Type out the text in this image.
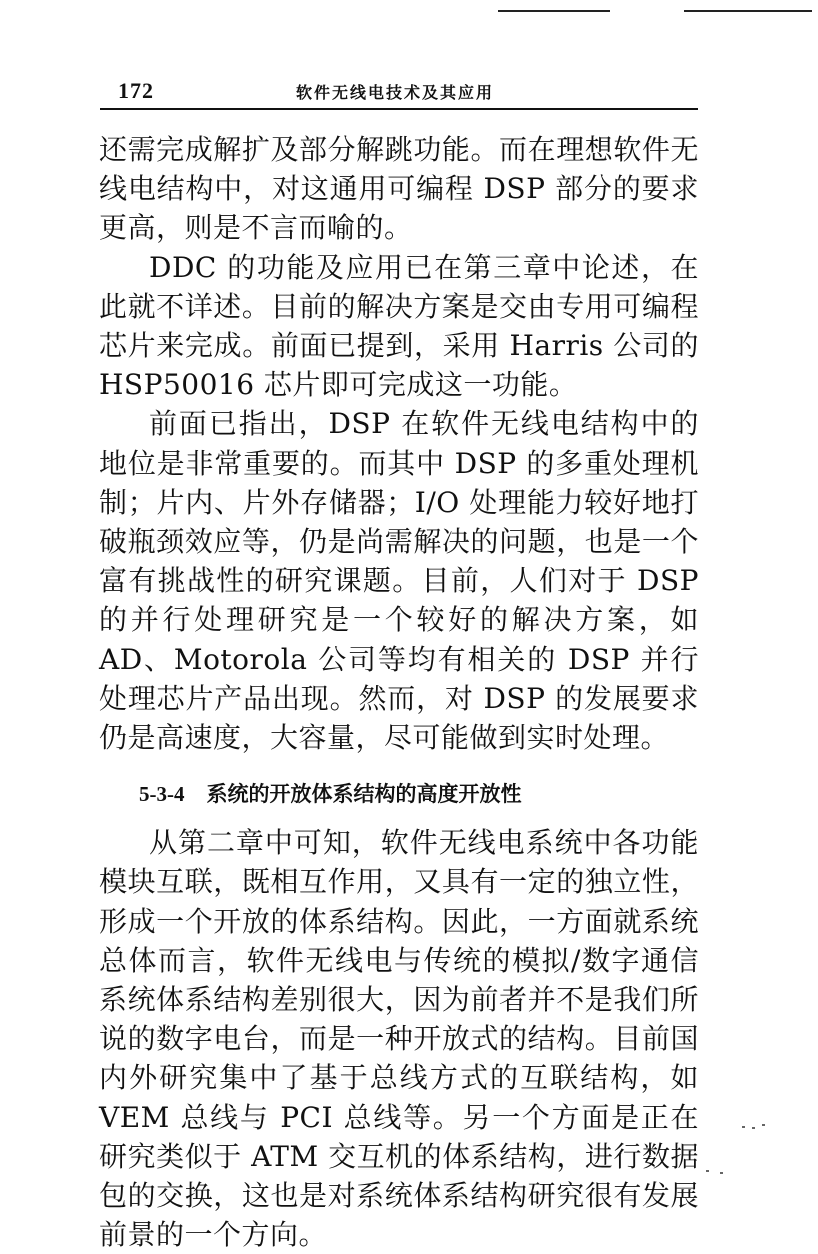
172	软件无线电技术及其应用

还需完成解扩及部分解跳功能。而在理想软件无线电结构中，对这通用可编程 DSP 部分的要求更高，则是不言而喻的。

DDC 的功能及应用已在第三章中论述，在此就不详述。目前的解决方案是交由专用可编程芯片来完成。前面已提到，采用 Harris 公司的 HSP50016 芯片即可完成这一功能。

前面已指出，DSP 在软件无线电结构中的地位是非常重要的。而其中 DSP 的多重处理机制；片内、片外存储器；I/O 处理能力较好地打破瓶颈效应等，仍是尚需解决的问题，也是一个富有挑战性的研究课题。目前，人们对于 DSP 的并行处理研究是一个较好的解决方案，如 AD、Motorola 公司等均有相关的 DSP 并行处理芯片产品出现。然而，对 DSP 的发展要求仍是高速度，大容量，尽可能做到实时处理。

5-3-4 系统的开放体系结构的高度开放性

从第二章中可知，软件无线电系统中各功能模块互联，既相互作用，又具有一定的独立性，形成一个开放的体系结构。因此，一方面就系统总体而言，软件无线电与传统的模拟/数字通信系统体系结构差别很大，因为前者并不是我们所说的数字电台，而是一种开放式的结构。目前国内外研究集中了基于总线方式的互联结构，如 VEM 总线与 PCI 总线等。另一个方面是正在研究类似于 ATM 交互机的体系结构，进行数据包的交换，这也是对系统体系结构研究很有发展前景的一个方向。
